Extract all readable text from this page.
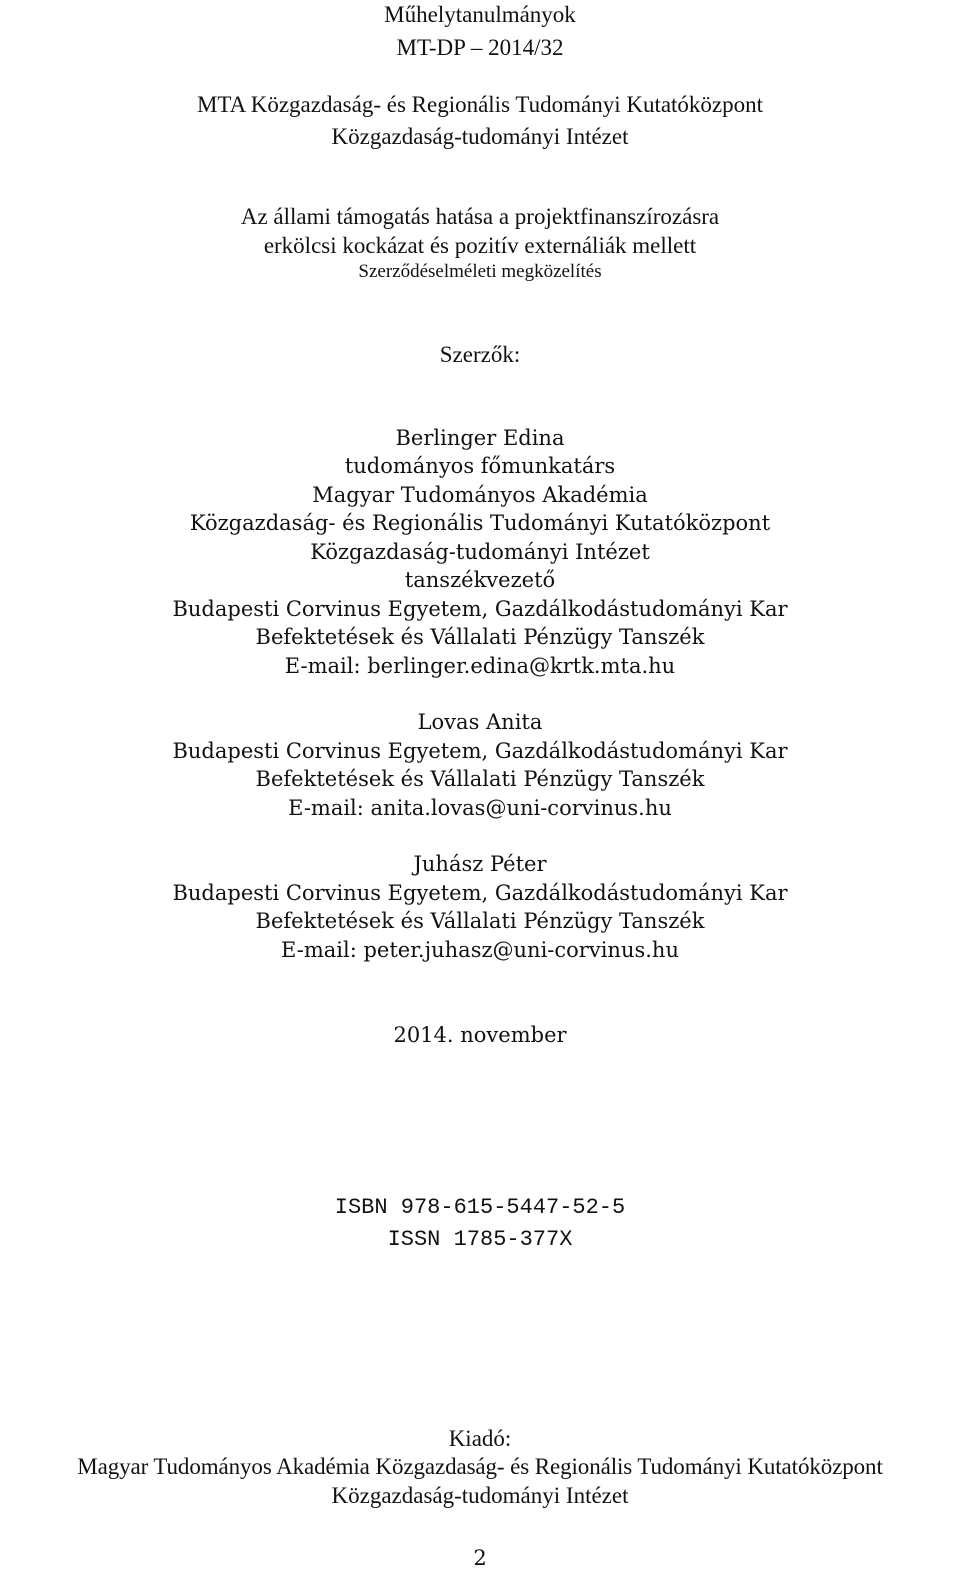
Műhelytanulmányok
MT-DP – 2014/32
MTA Közgazdaság- és Regionális Tudományi Kutatóközpont
Közgazdaság-tudományi Intézet
Az állami támogatás hatása a projektfinanszírozásra
erkölcsi kockázat és pozitív externáliák mellett
Szerződéselméleti megközelítés
Szerzők:
Berlinger Edina
tudományos főmunkatárs
Magyar Tudományos Akadémia
Közgazdaság- és Regionális Tudományi Kutatóközpont
Közgazdaság-tudományi Intézet
tanszékvezető
Budapesti Corvinus Egyetem, Gazdálkodástudományi Kar
Befektetések és Vállalati Pénzügy Tanszék
E-mail: berlinger.edina@krtk.mta.hu
Lovas Anita
Budapesti Corvinus Egyetem, Gazdálkodástudományi Kar
Befektetések és Vállalati Pénzügy Tanszék
E-mail: anita.lovas@uni-corvinus.hu
Juhász Péter
Budapesti Corvinus Egyetem, Gazdálkodástudományi Kar
Befektetések és Vállalati Pénzügy Tanszék
E-mail: peter.juhasz@uni-corvinus.hu
2014. november
ISBN 978-615-5447-52-5
ISSN 1785-377X
Kiadó:
Magyar Tudományos Akadémia Közgazdaság- és Regionális Tudományi Kutatóközpont
Közgazdaság-tudományi Intézet
2
